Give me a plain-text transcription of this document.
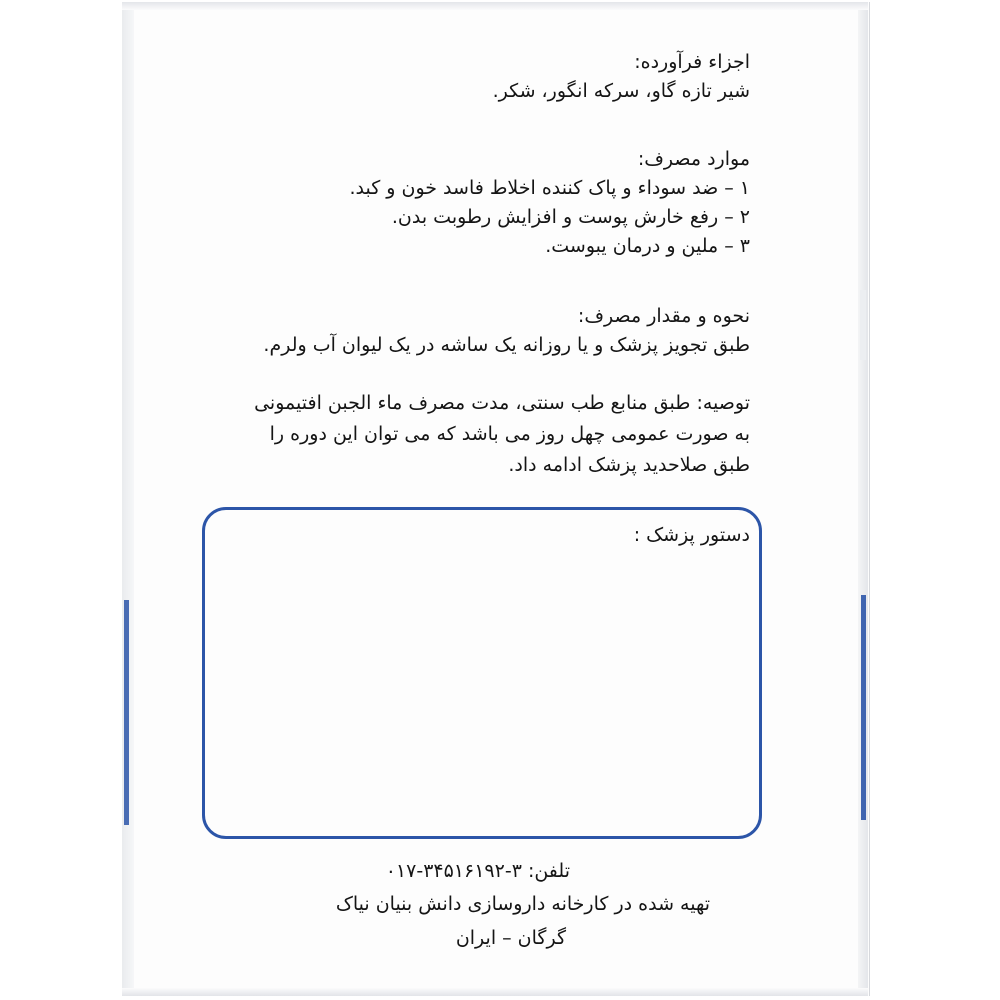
اجزاء فرآورده:
شیر تازه گاو، سرکه انگور، شکر.
موارد مصرف:
۱ – ضد سوداء و پاک کننده اخلاط فاسد خون و کبد.
۲ – رفع خارش پوست و افزایش رطوبت بدن.
۳ – ملین و درمان یبوست.
نحوه و مقدار مصرف:
طبق تجویز پزشک و یا روزانه یک ساشه در یک لیوان آب ولرم.
توصیه: طبق منابع طب سنتی، مدت مصرف ماء الجبن افتیمونی
به صورت عمومی چهل روز می باشد که می توان این دوره را
طبق صلاحدید پزشک ادامه داد.
دستور پزشک :
تلفن: ۳-۳۴۵۱۶۱۹۲-۰۱۷
تهیه شده در کارخانه داروسازی دانش بنیان نیاک
گرگان – ایران
